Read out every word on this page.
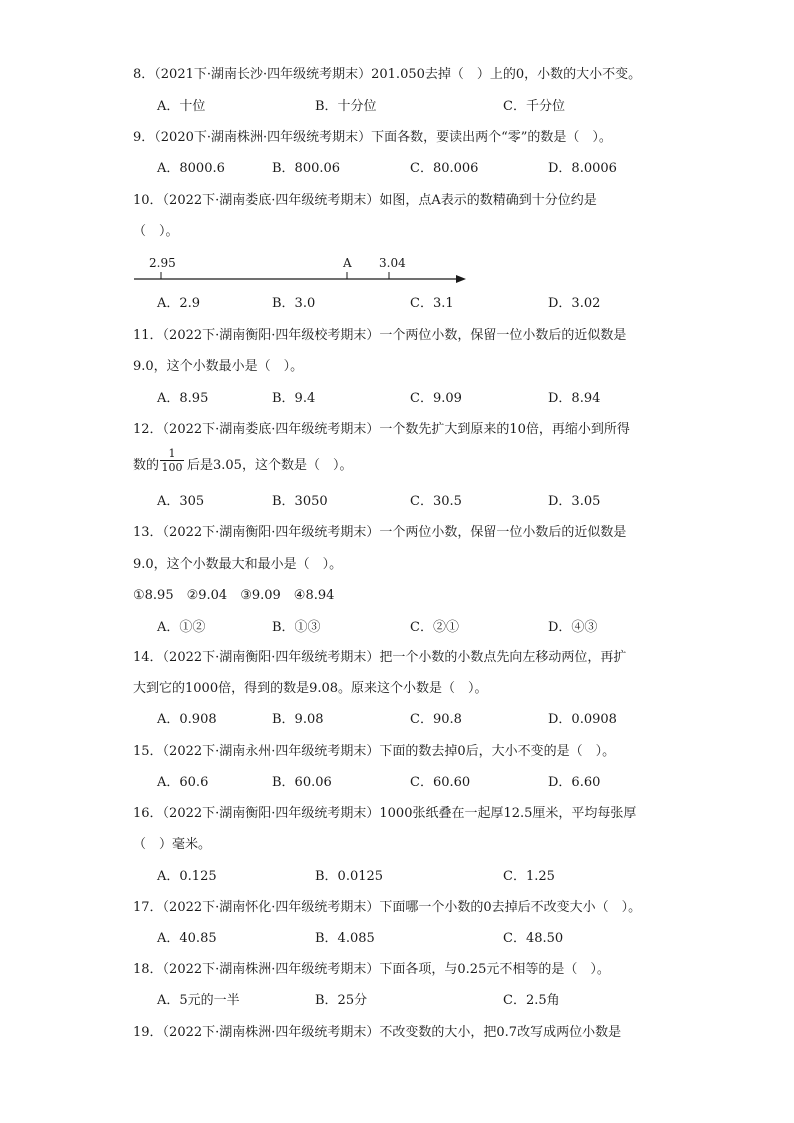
8．（2021下·湖南长沙·四年级统考期末）201.050去掉（　）上的0，小数的大小不变。
A．十位	B．十分位	C．千分位
9．（2020下·湖南株洲·四年级统考期末）下面各数，要读出两个“零”的数是（　）。
A．8000.6	B．800.06	C．80.006	D．8.0006
10．（2022下·湖南娄底·四年级统考期末）如图，点A表示的数精确到十分位约是
（　）。
2.95	A 3.04
A．2.9	B．3.0	C．3.1	D．3.02
11．（2022下·湖南衡阳·四年级校考期末）一个两位小数，保留一位小数后的近似数是
9.0，这个小数最小是（　）。
A．8.95	B．9.4	C．9.09	D．8.94
12．（2022下·湖南娄底·四年级统考期末）一个数先扩大到原来的10倍，再缩小到所得
数的 $\frac{1}{100}$ 后是3.05，这个数是（　）。
A．305	B．3050	C．30.5	D．3.05
13．（2022下·湖南衡阳·四年级统考期末）一个两位小数，保留一位小数后的近似数是
9.0，这个小数最大和最小是（　）。
①8.95　②9.04　③9.09　④8.94
A．①②	B．①③	C．②①	D．④③
14．（2022下·湖南衡阳·四年级统考期末）把一个小数的小数点先向左移动两位，再扩
大到它的1000倍，得到的数是9.08。原来这个小数是（　）。
A．0.908	B．9.08	C．90.8	D．0.0908
15．（2022下·湖南永州·四年级统考期末）下面的数去掉0后，大小不变的是（　）。
A．60.6	B．60.06	C．60.60	D．6.60
16．（2022下·湖南衡阳·四年级统考期末）1000张纸叠在一起厚12.5厘米，平均每张厚
（　）毫米。
A．0.125	B．0.0125	C．1.25
17．（2022下·湖南怀化·四年级统考期末）下面哪一个小数的0去掉后不改变大小（　）。
A．40.85	B．4.085	C．48.50
18．（2022下·湖南株洲·四年级统考期末）下面各项，与0.25元不相等的是（　）。
A．5元的一半	B．25分	C．2.5角
19．（2022下·湖南株洲·四年级统考期末）不改变数的大小，把0.7改写成两位小数是
